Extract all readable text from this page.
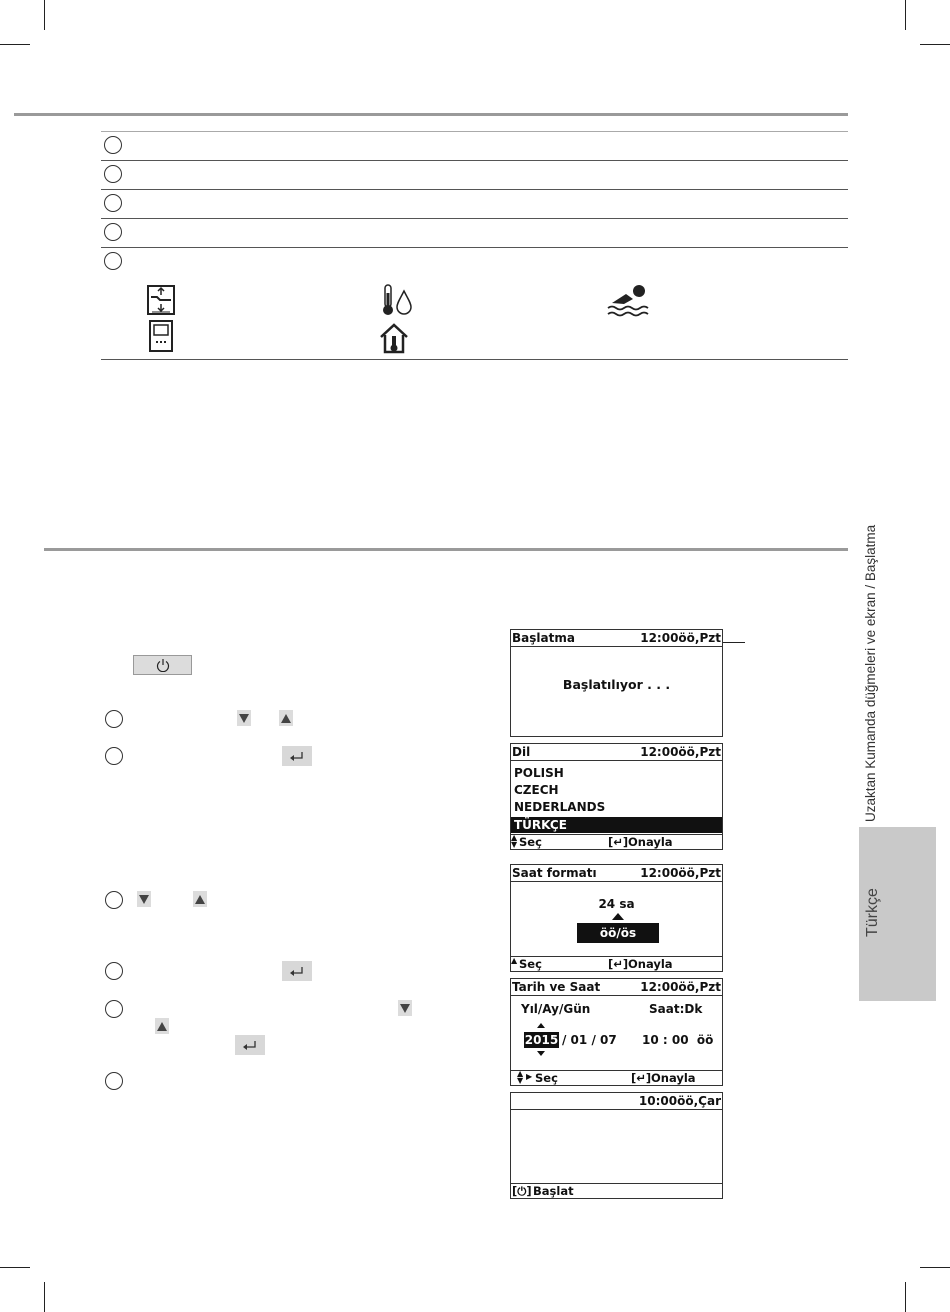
Başlatma	12:00öö,Pzt
Başlatılıyor . . .
Dil	12:00öö,Pzt
POLISH
CZECH
NEDERLANDS
TÜRKÇE
▲
▼ Seç	[↵] Onayla
Saat formatı	12:00öö,Pzt
24 sa
öö/ös
▲ Seç	[↵] Onayla
Tarih ve Saat	12:00öö,Pzt
Yıl/Ay/Gün	Saat:Dk
2015 / 01 / 07 10 : 00  öö
▲
▼ ▶ Seç	[↵] Onayla
10:00öö,Çar
[⏻] Başlat
Uzaktan Kumanda düğmeleri ve ekran / Başlatma
Türkçe
